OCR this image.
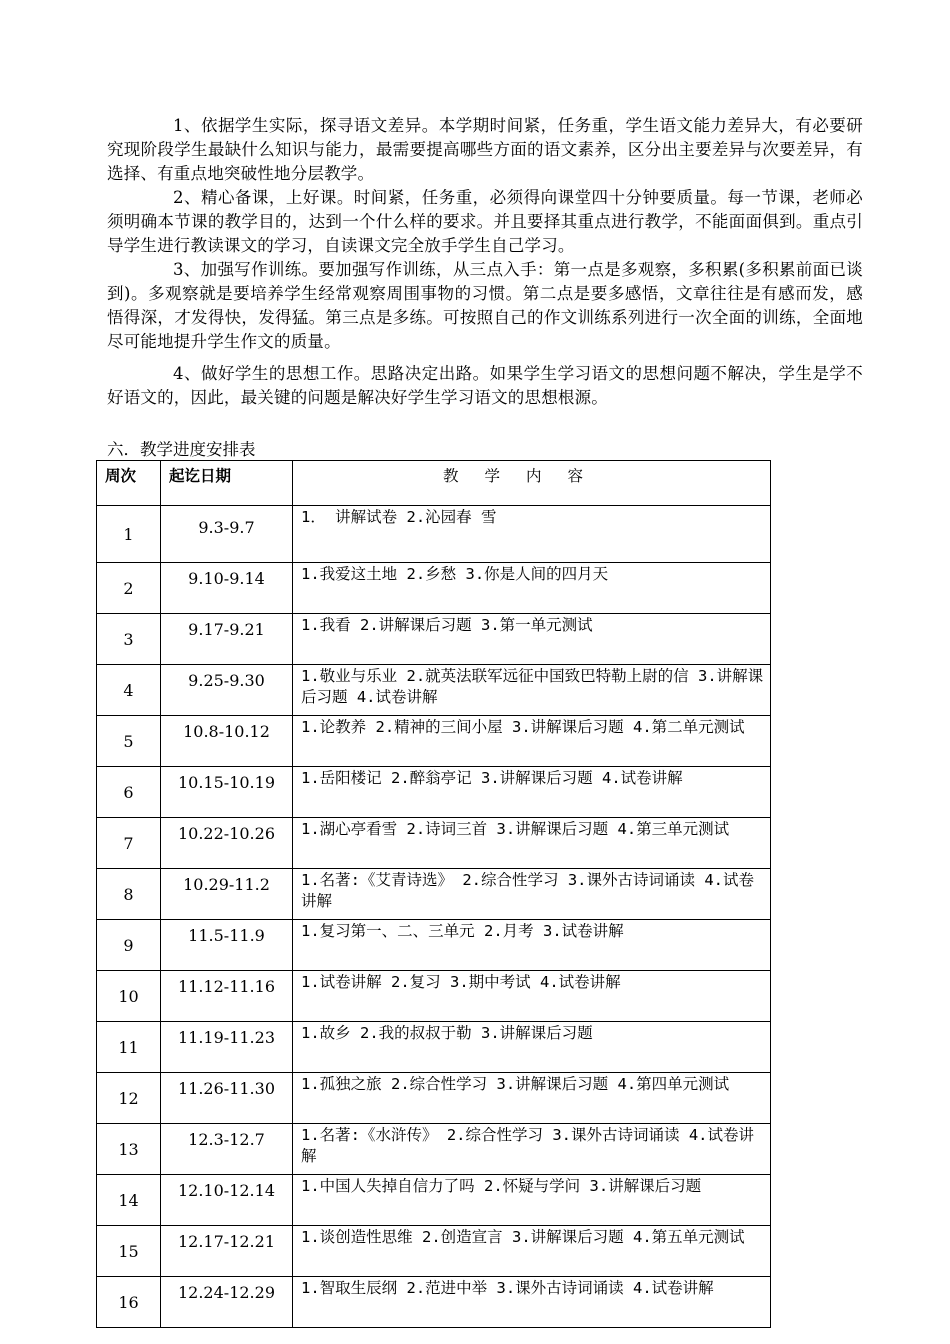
1、依据学生实际，探寻语文差异。本学期时间紧，任务重，学生语文能力差异大，有必要研究现阶段学生最缺什么知识与能力，最需要提高哪些方面的语文素养，区分出主要差异与次要差异，有选择、有重点地突破性地分层教学。

2、精心备课，上好课。时间紧，任务重，必须得向课堂四十分钟要质量。每一节课，老师必须明确本节课的教学目的，达到一个什么样的要求。并且要择其重点进行教学，不能面面俱到。重点引导学生进行教读课文的学习，自读课文完全放手学生自己学习。

3、加强写作训练。要加强写作训练，从三点入手：第一点是多观察，多积累(多积累前面已谈到)。多观察就是要培养学生经常观察周围事物的习惯。第二点是要多感悟，文章往往是有感而发，感悟得深，才发得快，发得猛。第三点是多练。可按照自己的作文训练系列进行一次全面的训练，全面地尽可能地提升学生作文的质量。

4、做好学生的思想工作。思路决定出路。如果学生学习语文的思想问题不解决，学生是学不好语文的，因此，最关键的问题是解决好学生学习语文的思想根源。

六．教学进度安排表
周次	起讫日期	教学内容

1	9.3-9.7	1． 讲解试卷 2.沁园春 雪

2	9.10-9.14	1.我爱这土地 2.乡愁 3.你是人间的四月天

3	9.17-9.21	1.我看 2.讲解课后习题 3.第一单元测试

4	9.25-9.30	1.敬业与乐业 2.就英法联军远征中国致巴特勒上尉的信 3.讲解课后习题 4.试卷讲解

5	10.8-10.12	1.论教养 2.精神的三间小屋 3.讲解课后习题 4.第二单元测试

6	10.15-10.19	1.岳阳楼记 2.醉翁亭记 3.讲解课后习题 4.试卷讲解

7	10.22-10.26	1.湖心亭看雪 2.诗词三首 3.讲解课后习题 4.第三单元测试

8	10.29-11.2	1.名著:《艾青诗选》 2.综合性学习 3.课外古诗词诵读 4.试卷讲解

9	11.5-11.9	1.复习第一、二、三单元 2.月考 3.试卷讲解

10	11.12-11.16	1.试卷讲解 2.复习 3.期中考试 4.试卷讲解

11	11.19-11.23	1.故乡 2.我的叔叔于勒 3.讲解课后习题

12	11.26-11.30	1.孤独之旅 2.综合性学习 3.讲解课后习题 4.第四单元测试

13	12.3-12.7	1.名著:《水浒传》 2.综合性学习 3.课外古诗词诵读 4.试卷讲解

14	12.10-12.14	1.中国人失掉自信力了吗 2.怀疑与学问 3.讲解课后习题

15	12.17-12.21	1.谈创造性思维 2.创造宣言 3.讲解课后习题 4.第五单元测试

16	12.24-12.29	1.智取生辰纲 2.范进中举 3.课外古诗词诵读 4.试卷讲解
